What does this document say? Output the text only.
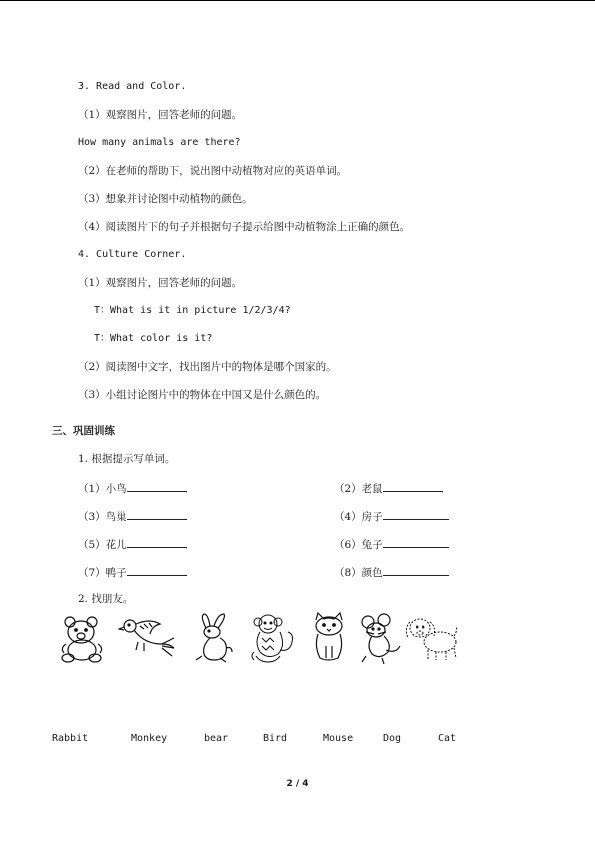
3. Read and Color.
（1）观察图片，回答老师的问题。
How many animals are there?
（2）在老师的帮助下，说出图中动植物对应的英语单词。
（3）想象并讨论图中动植物的颜色。
（4）阅读图片下的句子并根据句子提示给图中动植物涂上正确的颜色。
4. Culture Corner.
（1）观察图片，回答老师的问题。
T：What is it in picture 1/2/3/4?
T：What color is it?
（2）阅读图中文字，找出图片中的物体是哪个国家的。
（3）小组讨论图片中的物体在中国又是什么颜色的。
三、巩固训练
1. 根据提示写单词。
（1）小鸟	（2）老鼠
（3）鸟巢	（4）房子
（5）花儿	（6）兔子
（7）鸭子	（8）颜色
2. 找朋友。
Rabbit	Monkey	bear	Bird	Mouse	Dog	Cat
2 / 4
